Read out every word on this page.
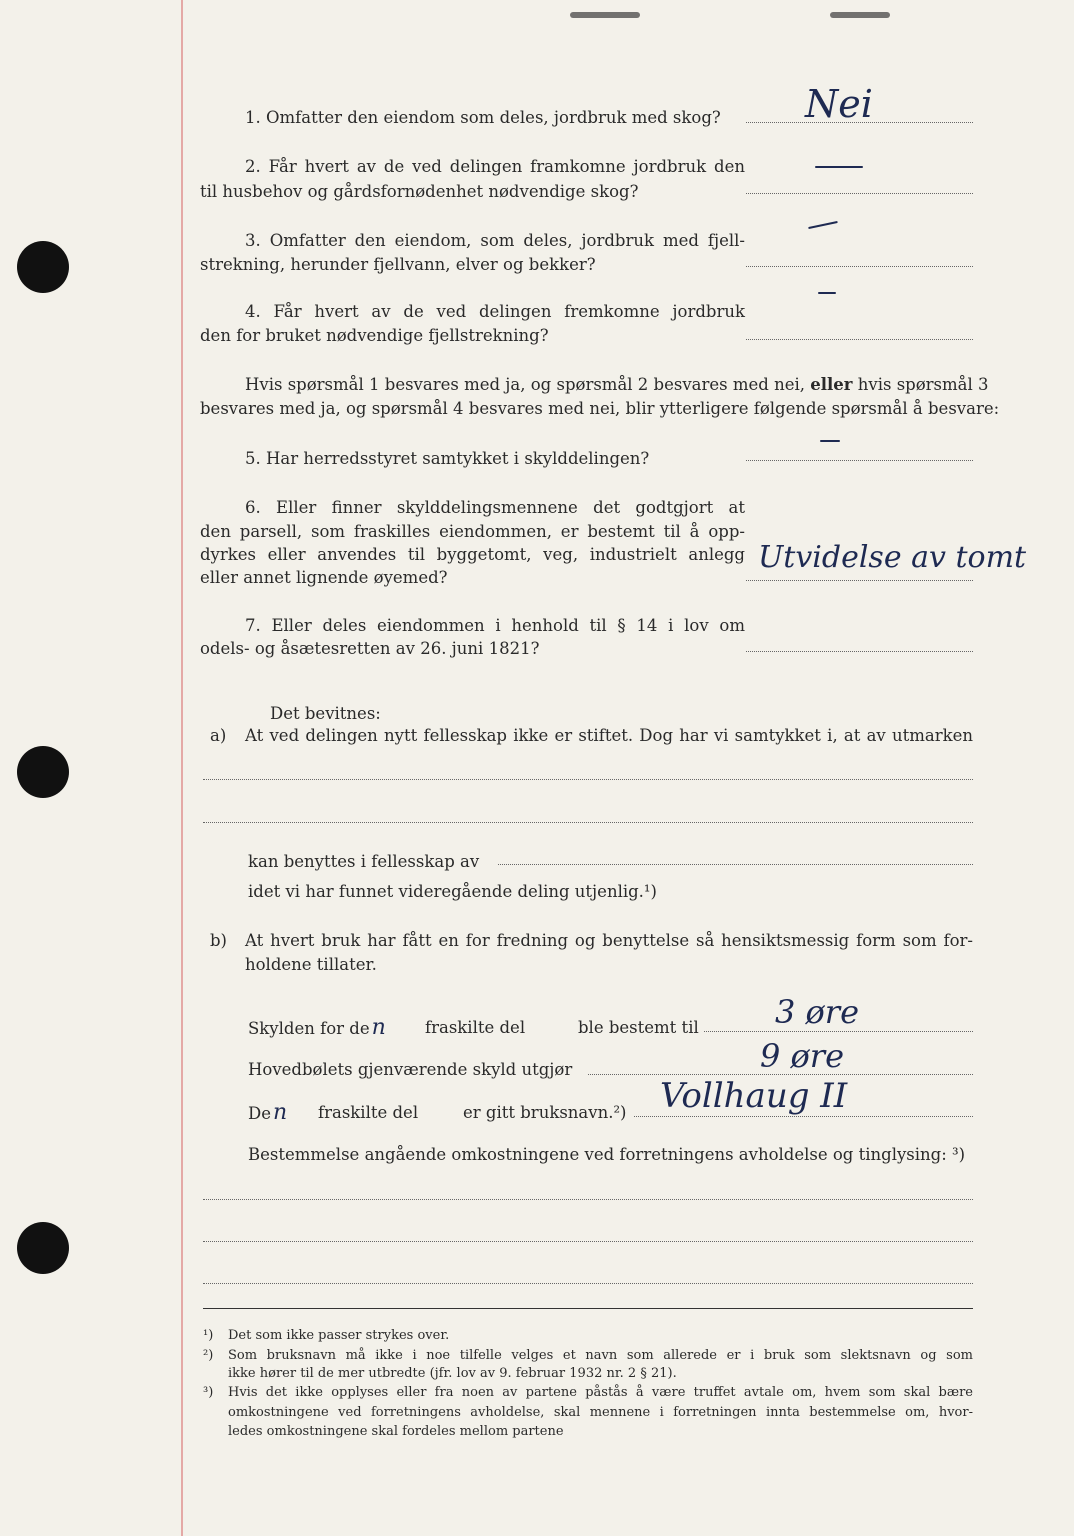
1. Omfatter den eiendom som deles, jordbruk med skog? Nei
2. Får hvert av de ved delingen framkomne jordbruk den
til husbehov og gårdsfornødenhet nødvendige skog?
3. Omfatter den eiendom, som deles, jordbruk med fjell-
strekning, herunder fjellvann, elver og bekker?
4. Får hvert av de ved delingen fremkomne jordbruk
den for bruket nødvendige fjellstrekning?
Hvis spørsmål 1 besvares med ja, og spørsmål 2 besvares med nei, eller hvis spørsmål 3
besvares med ja, og spørsmål 4 besvares med nei, blir ytterligere følgende spørsmål å besvare:
5. Har herredsstyret samtykket i skylddelingen?
6. Eller finner skylddelingsmennene det godtgjort at
den parsell, som fraskilles eiendommen, er bestemt til å opp-
dyrkes eller anvendes til byggetomt, veg, industrielt anlegg
eller annet lignende øyemed?
Utvidelse av tomt
7. Eller deles eiendommen i henhold til § 14 i lov om
odels- og åsætesretten av 26. juni 1821?
Det bevitnes:
a) At ved delingen nytt fellesskap ikke er stiftet. Dog har vi samtykket i, at av utmarken
kan benyttes i fellesskap av
idet vi har funnet videregående deling utjenlig.¹)
b) At hvert bruk har fått en for fredning og benyttelse så hensiktsmessig form som for-
holdene tillater.
Skylden for den fraskilte del	ble bestemt til 3 øre
Hovedbølets gjenværende skyld utgjør	9 øre
Den fraskilte del	er gitt bruksnavn.²) Vollhaug II
Bestemmelse angående omkostningene ved forretningens avholdelse og tinglysing: ³)
¹) Det som ikke passer strykes over.
²) Som bruksnavn må ikke i noe tilfelle velges et navn som allerede er i bruk som slektsnavn og som
ikke hører til de mer utbredte (jfr. lov av 9. februar 1932 nr. 2 § 21).
³) Hvis det ikke opplyses eller fra noen av partene påstås å være truffet avtale om, hvem som skal bære
omkostningene ved forretningens avholdelse, skal mennene i forretningen innta bestemmelse om, hvor-
ledes omkostningene skal fordeles mellom partene
